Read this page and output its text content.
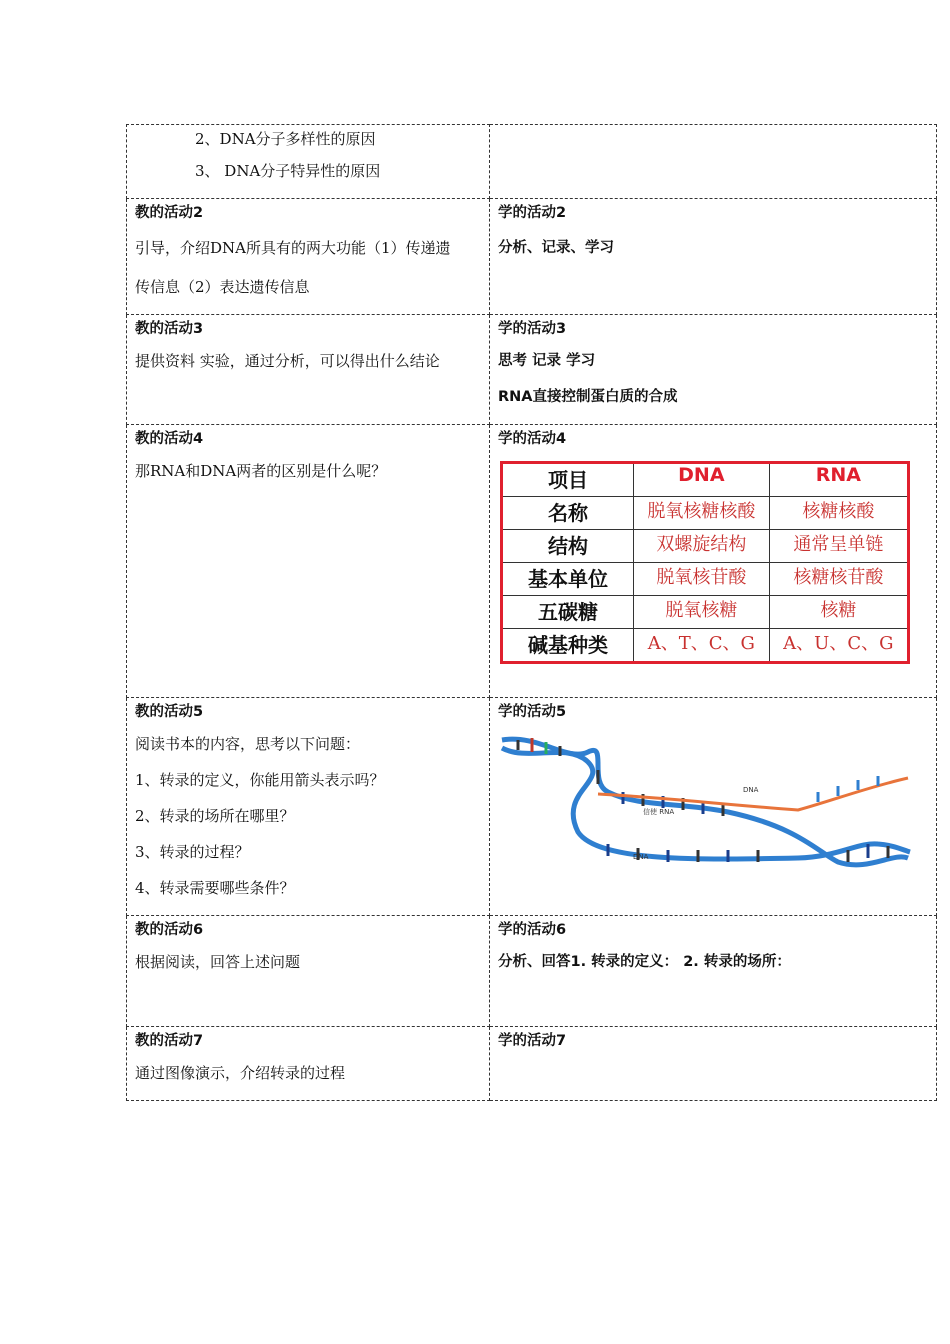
2、DNA分子多样性的原因
3、 DNA分子特异性的原因

教的活动2
引导，介绍DNA所具有的两大功能（1）传递遗
传信息（2）表达遗传信息

学的活动2
分析、记录、学习

教的活动3
提供资料 实验，通过分析，可以得出什么结论

学的活动3
思考 记录 学习
RNA直接控制蛋白质的合成

教的活动4
那RNA和DNA两者的区别是什么呢？

学的活动4
项目	DNA	RNA
名称	脱氧核糖核酸	核糖核酸
结构	双螺旋结构	通常呈单链
基本单位	脱氧核苷酸	核糖核苷酸
五碳糖	脱氧核糖	核糖
碱基种类	A、T、C、G	A、U、C、G

教的活动5
阅读书本的内容，思考以下问题：
1、转录的定义，你能用箭头表示吗？
2、转录的场所在哪里？
3、转录的过程？
4、转录需要哪些条件？

学的活动5
DNA
信使 RNA
DNA

教的活动6
根据阅读，回答上述问题

学的活动6
分析、回答1. 转录的定义： 2. 转录的场所：

教的活动7
通过图像演示，介绍转录的过程

学的活动7
